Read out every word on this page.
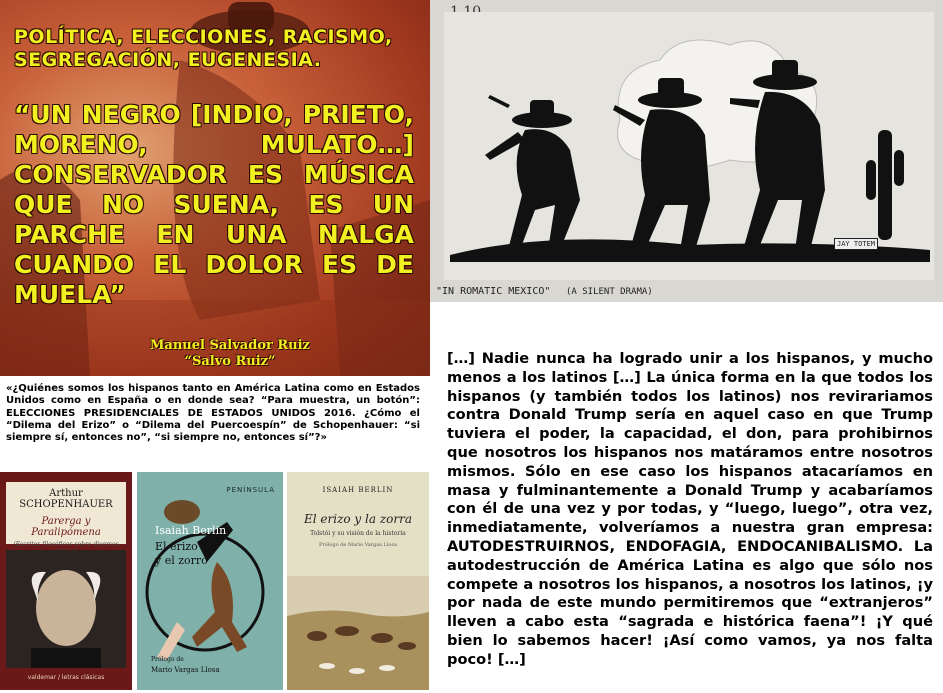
POLÍTICA, ELECCIONES, RACISMO, SEGREGACIÓN, EUGENESIA.
“UN NEGRO [INDIO, PRIETO, MORENO, MULATO…] CONSERVADOR ES MÚSICA QUE NO SUENA, ES UN PARCHE EN UNA NALGA CUANDO EL DOLOR ES DE MUELA”
Manuel Salvador Ruiz
“Salvo Ruiz”
JAY TOTEM
"IN ROMATIC MEXICO" (A SILENT DRAMA)
«¿Quiénes somos los hispanos tanto en América Latina como en Estados Unidos como en España o en donde sea? “Para muestra, un botón”: ELECCIONES PRESIDENCIALES DE ESTADOS UNIDOS 2016. ¿Cómo el “Dilema del Erizo” o “Dilema del Puercoespín” de Schopenhauer: “si siempre sí, entonces no”, “si siempre no, entonces sí”?»
Arthur SCHOPENHAUER
Parerga y Paralipómena
(Escritos filosóficos sobre diversos
valdemar / letras clásicas
PENÍNSULA
Isaiah Berlin
El erizo
y el zorro
Prólogo de
Mario Vargas Llosa
ISAIAH BERLIN
El erizo y la zorra
Tolstói y su visión de la historia
Prólogo de Mario Vargas Llosa
[…] Nadie nunca ha logrado unir a los hispanos, y mucho menos a los latinos […] La única forma en la que todos los hispanos (y también todos los latinos) nos revirariamos contra Donald Trump sería en aquel caso en que Trump tuviera el poder, la capacidad, el don, para prohibirnos que nosotros los hispanos nos matáramos entre nosotros mismos. Sólo en ese caso los hispanos atacaríamos en masa y fulminantemente a Donald Trump y acabaríamos con él de una vez y por todas, y “luego, luego”, otra vez, inmediatamente, volveríamos a nuestra gran empresa: AUTODESTRUIRNOS, ENDOFAGIA, ENDOCANIBALISMO. La autodestrucción de América Latina es algo que sólo nos compete a nosotros los hispanos, a nosotros los latinos, ¡y por nada de este mundo permitiremos que “extranjeros” lleven a cabo esta “sagrada e histórica faena”! ¡Y qué bien lo sabemos hacer! ¡Así como vamos, ya nos falta poco! […]
